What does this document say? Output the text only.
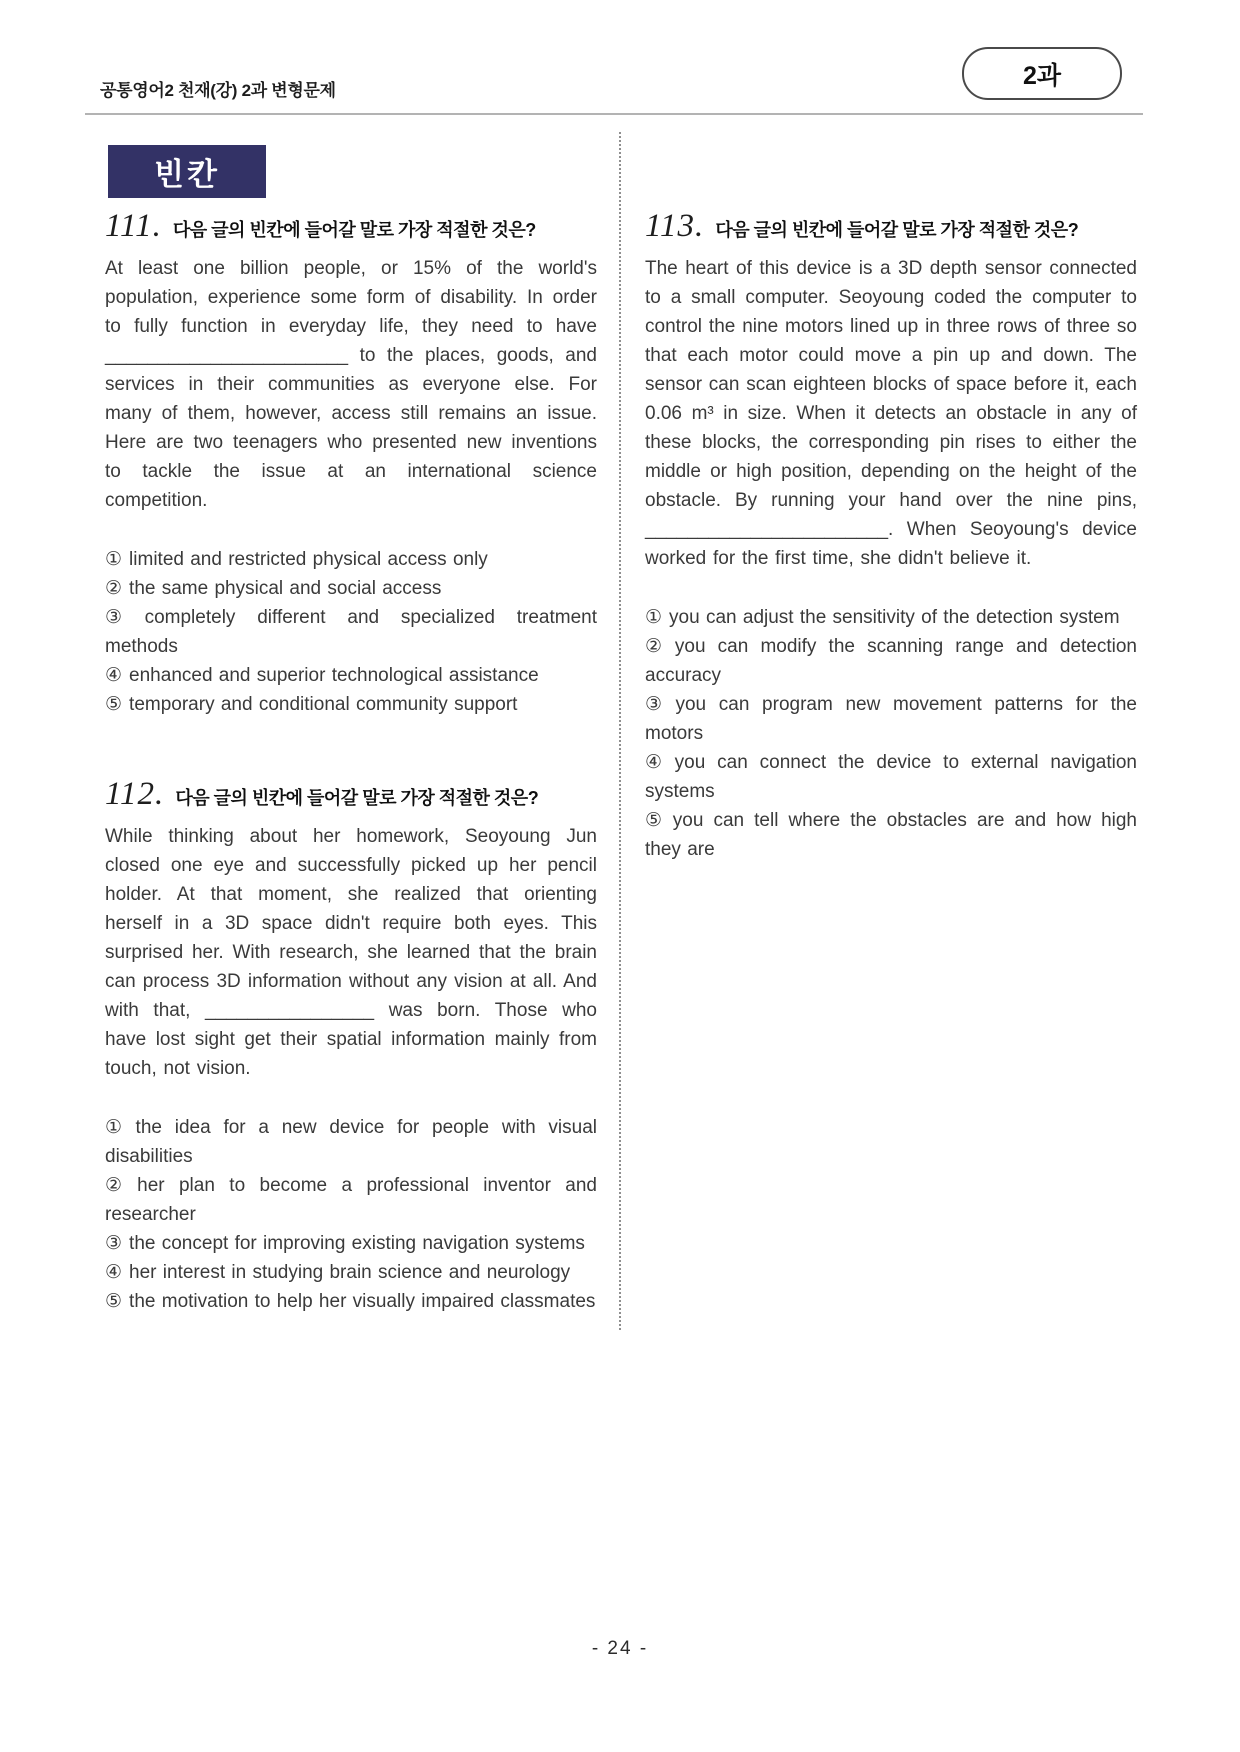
공통영어2 천재(강) 2과 변형문제
2과
빈칸
111. 다음 글의 빈칸에 들어갈 말로 가장 적절한 것은?

At least one billion people, or 15% of the world's population, experience some form of disability. In order to fully function in everyday life, they need to have _______________________ to the places, goods, and services in their communities as everyone else. For many of them, however, access still remains an issue. Here are two teenagers who presented new inventions to tackle the issue at an international science competition.

① limited and restricted physical access only
② the same physical and social access
③ completely different and specialized treatment methods
④ enhanced and superior technological assistance
⑤ temporary and conditional community support
112. 다음 글의 빈칸에 들어갈 말로 가장 적절한 것은?

While thinking about her homework, Seoyoung Jun closed one eye and successfully picked up her pencil holder. At that moment, she realized that orienting herself in a 3D space didn't require both eyes. This surprised her. With research, she learned that the brain can process 3D information without any vision at all. And with that, ________________ was born. Those who have lost sight get their spatial information mainly from touch, not vision.

① the idea for a new device for people with visual disabilities
② her plan to become a professional inventor and researcher
③ the concept for improving existing navigation systems
④ her interest in studying brain science and neurology
⑤ the motivation to help her visually impaired classmates
113. 다음 글의 빈칸에 들어갈 말로 가장 적절한 것은?

The heart of this device is a 3D depth sensor connected to a small computer. Seoyoung coded the computer to control the nine motors lined up in three rows of three so that each motor could move a pin up and down. The sensor can scan eighteen blocks of space before it, each 0.06 m³ in size. When it detects an obstacle in any of these blocks, the corresponding pin rises to either the middle or high position, depending on the height of the obstacle. By running your hand over the nine pins, _______________________. When Seoyoung's device worked for the first time, she didn't believe it.

① you can adjust the sensitivity of the detection system
② you can modify the scanning range and detection accuracy
③ you can program new movement patterns for the motors
④ you can connect the device to external navigation systems
⑤ you can tell where the obstacles are and how high they are
- 24 -
